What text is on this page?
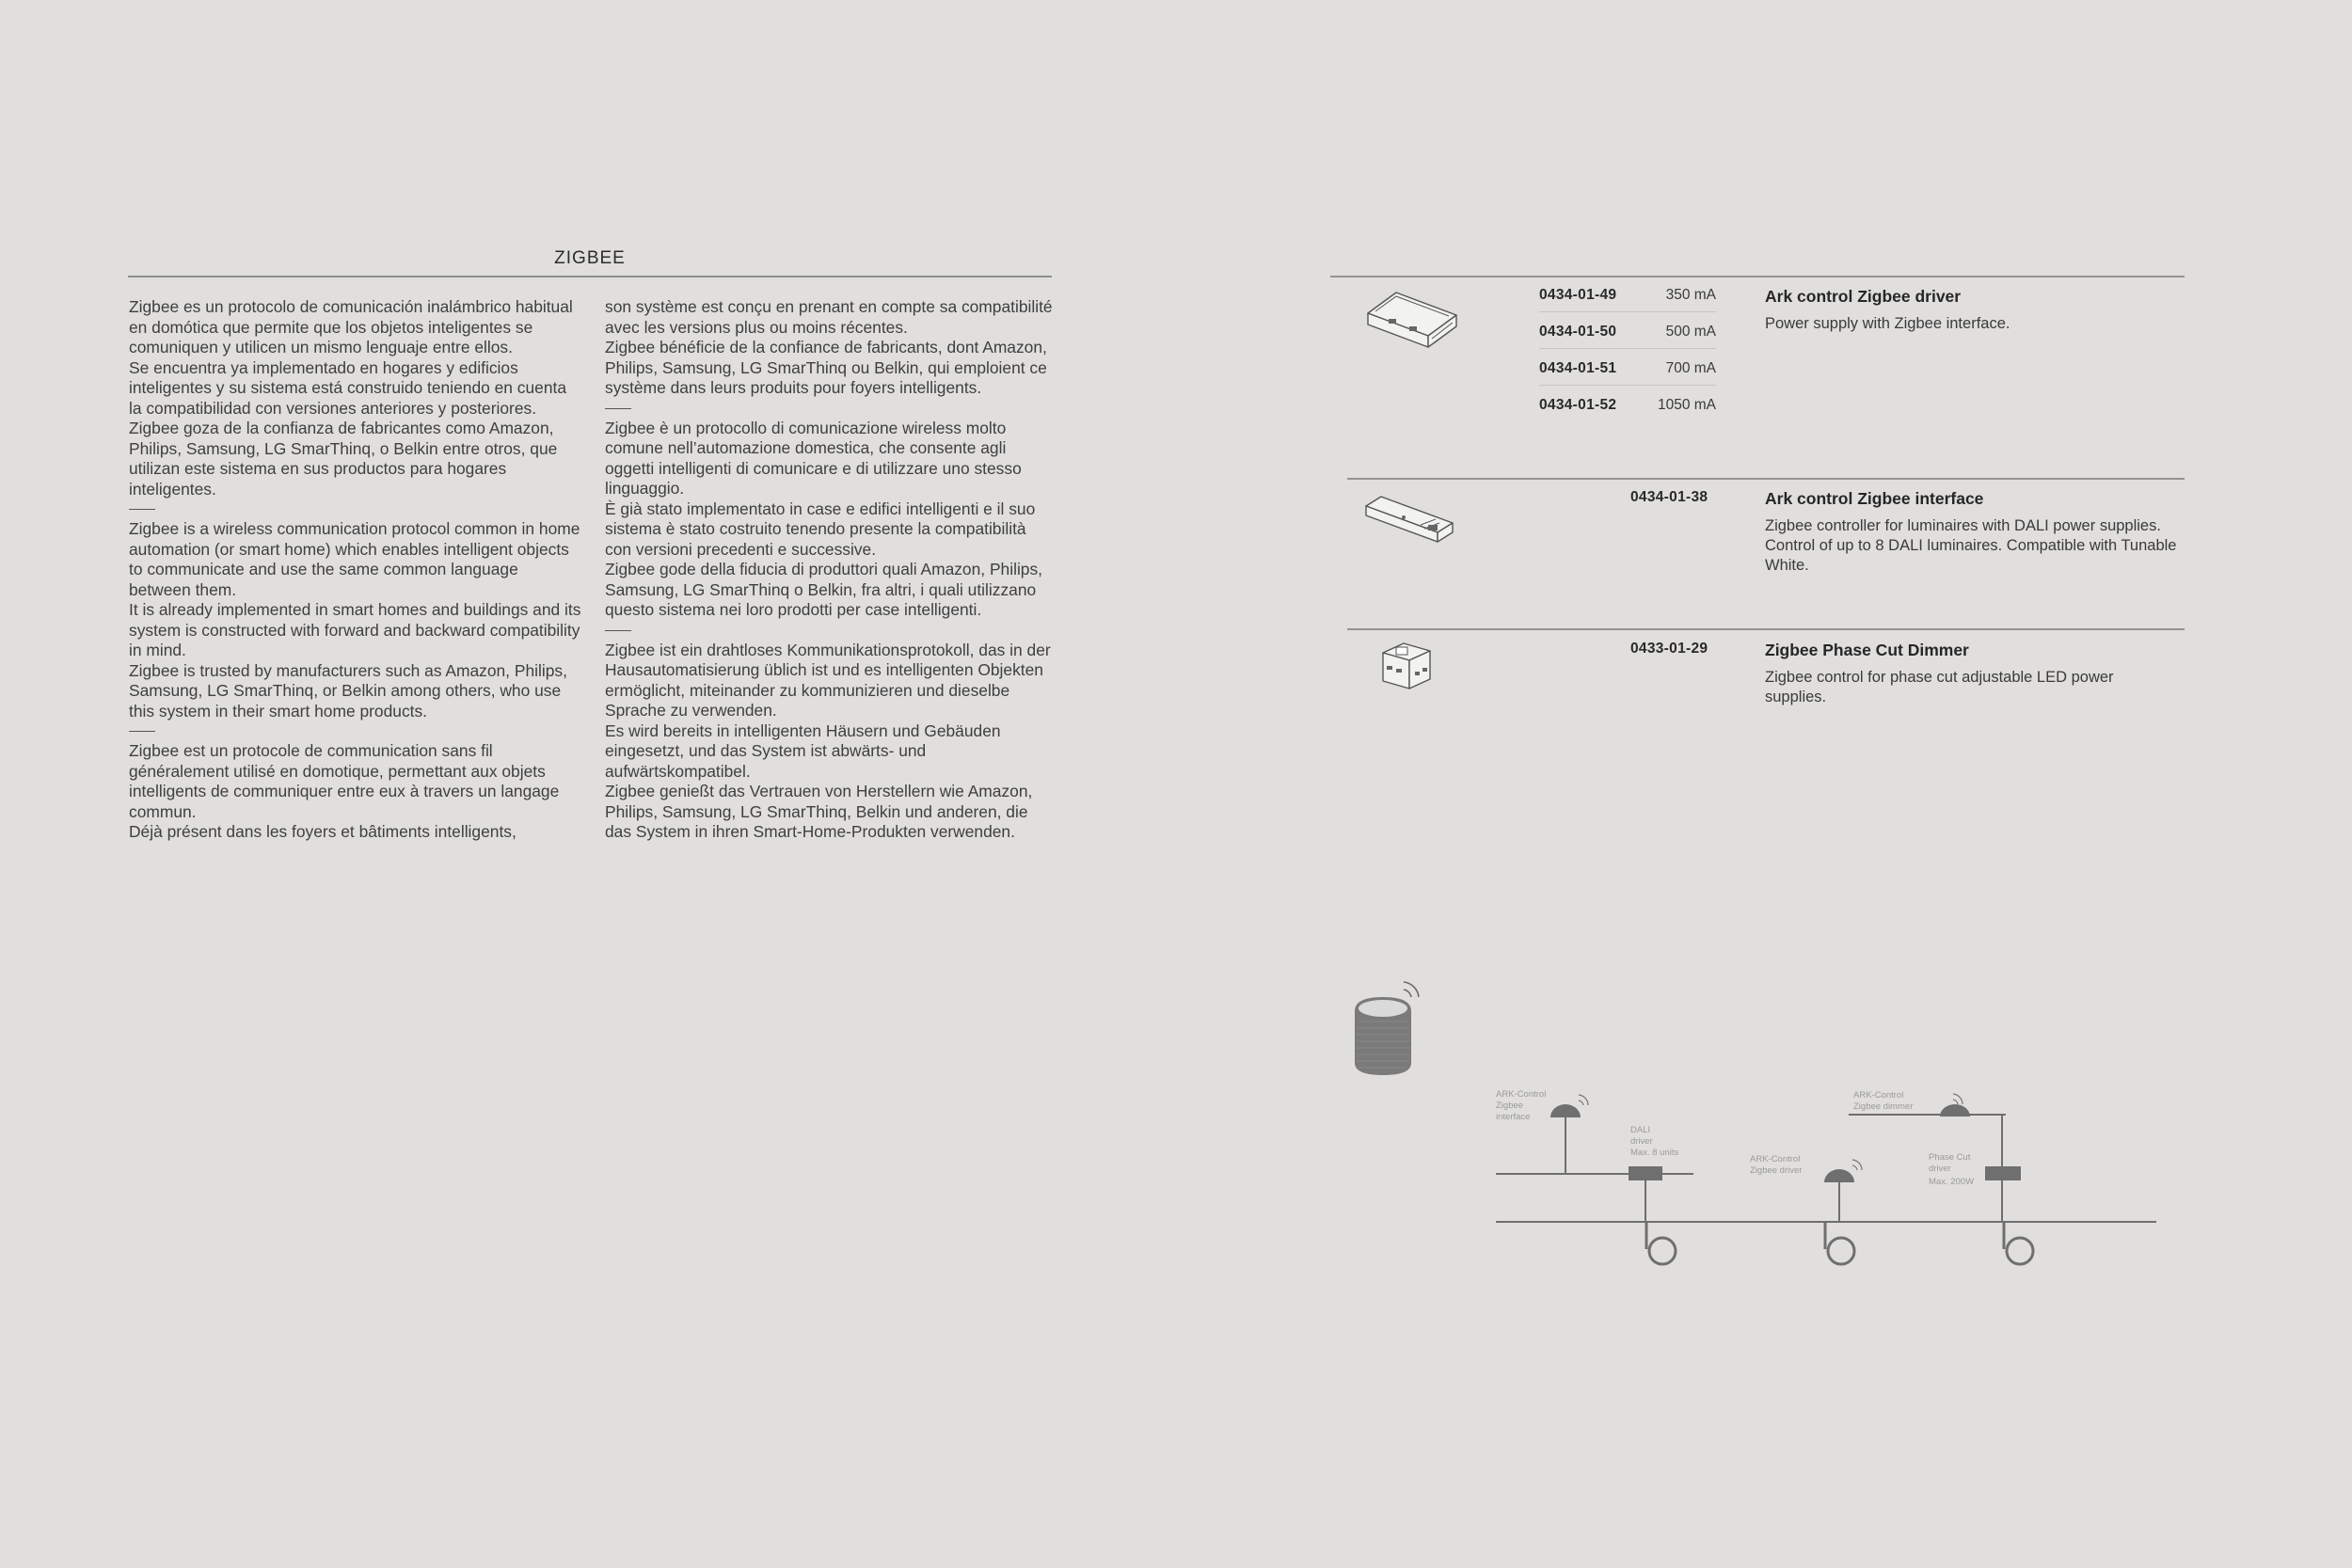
ZIGBEE

Zigbee es un protocolo de comunicación inalámbrico habitual en domótica que permite que los objetos inteligentes se comuniquen y utilicen un mismo lenguaje entre ellos.

Se encuentra ya implementado en hogares y edificios inteligentes y su sistema está construido teniendo en cuenta la compatibilidad con versiones anteriores y posteriores.

Zigbee goza de la confianza de fabricantes como Amazon, Philips, Samsung, LG SmarThinq, o Belkin entre otros, que utilizan este sistema en sus productos para hogares inteligentes.

Zigbee is a wireless communication protocol common in home automation (or smart home) which enables intelligent objects to communicate and use the same common language between them.

It is already implemented in smart homes and buildings and its system is constructed with forward and backward compatibility in mind.

Zigbee is trusted by manufacturers such as Amazon, Philips, Samsung, LG SmarThinq, or Belkin among others, who use this system in their smart home products.

Zigbee est un protocole de communication sans fil généralement utilisé en domotique, permettant aux objets intelligents de communiquer entre eux à travers un langage commun.

Déjà présent dans les foyers et bâtiments intelligents,

son système est conçu en prenant en compte sa compatibilité avec les versions plus ou moins récentes.

Zigbee bénéficie de la confiance de fabricants, dont Amazon, Philips, Samsung, LG SmarThinq ou Belkin, qui emploient ce système dans leurs produits pour foyers intelligents.

Zigbee è un protocollo di comunicazione wireless molto comune nell’automazione domestica, che consente agli oggetti intelligenti di comunicare e di utilizzare uno stesso linguaggio.

È già stato implementato in case e edifici intelligenti e il suo sistema è stato costruito tenendo presente la compatibilità con versioni precedenti e successive.

Zigbee gode della fiducia di produttori quali Amazon, Philips, Samsung, LG SmarThinq o Belkin, fra altri, i quali utilizzano questo sistema nei loro prodotti per case intelligenti.

Zigbee ist ein drahtloses Kommunikationsprotokoll, das in der Hausautomatisierung üblich ist und es intelligenten Objekten ermöglicht, miteinander zu kommunizieren und dieselbe Sprache zu verwenden.

Es wird bereits in intelligenten Häusern und Gebäuden eingesetzt, und das System ist abwärts- und aufwärtskompatibel.

Zigbee genießt das Vertrauen von Herstellern wie Amazon, Philips, Samsung, LG SmarThinq, Belkin und anderen, die das System in ihren Smart-Home-Produkten verwenden.

0434-01-49	350 mA
0434-01-50	500 mA
0434-01-51	700 mA
0434-01-52	1050 mA
Ark control Zigbee driver
Power supply with Zigbee interface.
0434-01-38	Ark control Zigbee interface
Zigbee controller for luminaires with DALI power supplies. Control of up to 8 DALI luminaires. Compatible with Tunable White.
0433-01-29	Zigbee Phase Cut Dimmer
Zigbee control for phase cut adjustable LED power supplies.
ARK-Control
Zigbee
interface
DALI
driver
Max. 8 units
ARK-Control
Zigbee driver
ARK-Control
Zigbee dimmer
Phase Cut
driver
Max. 200W
